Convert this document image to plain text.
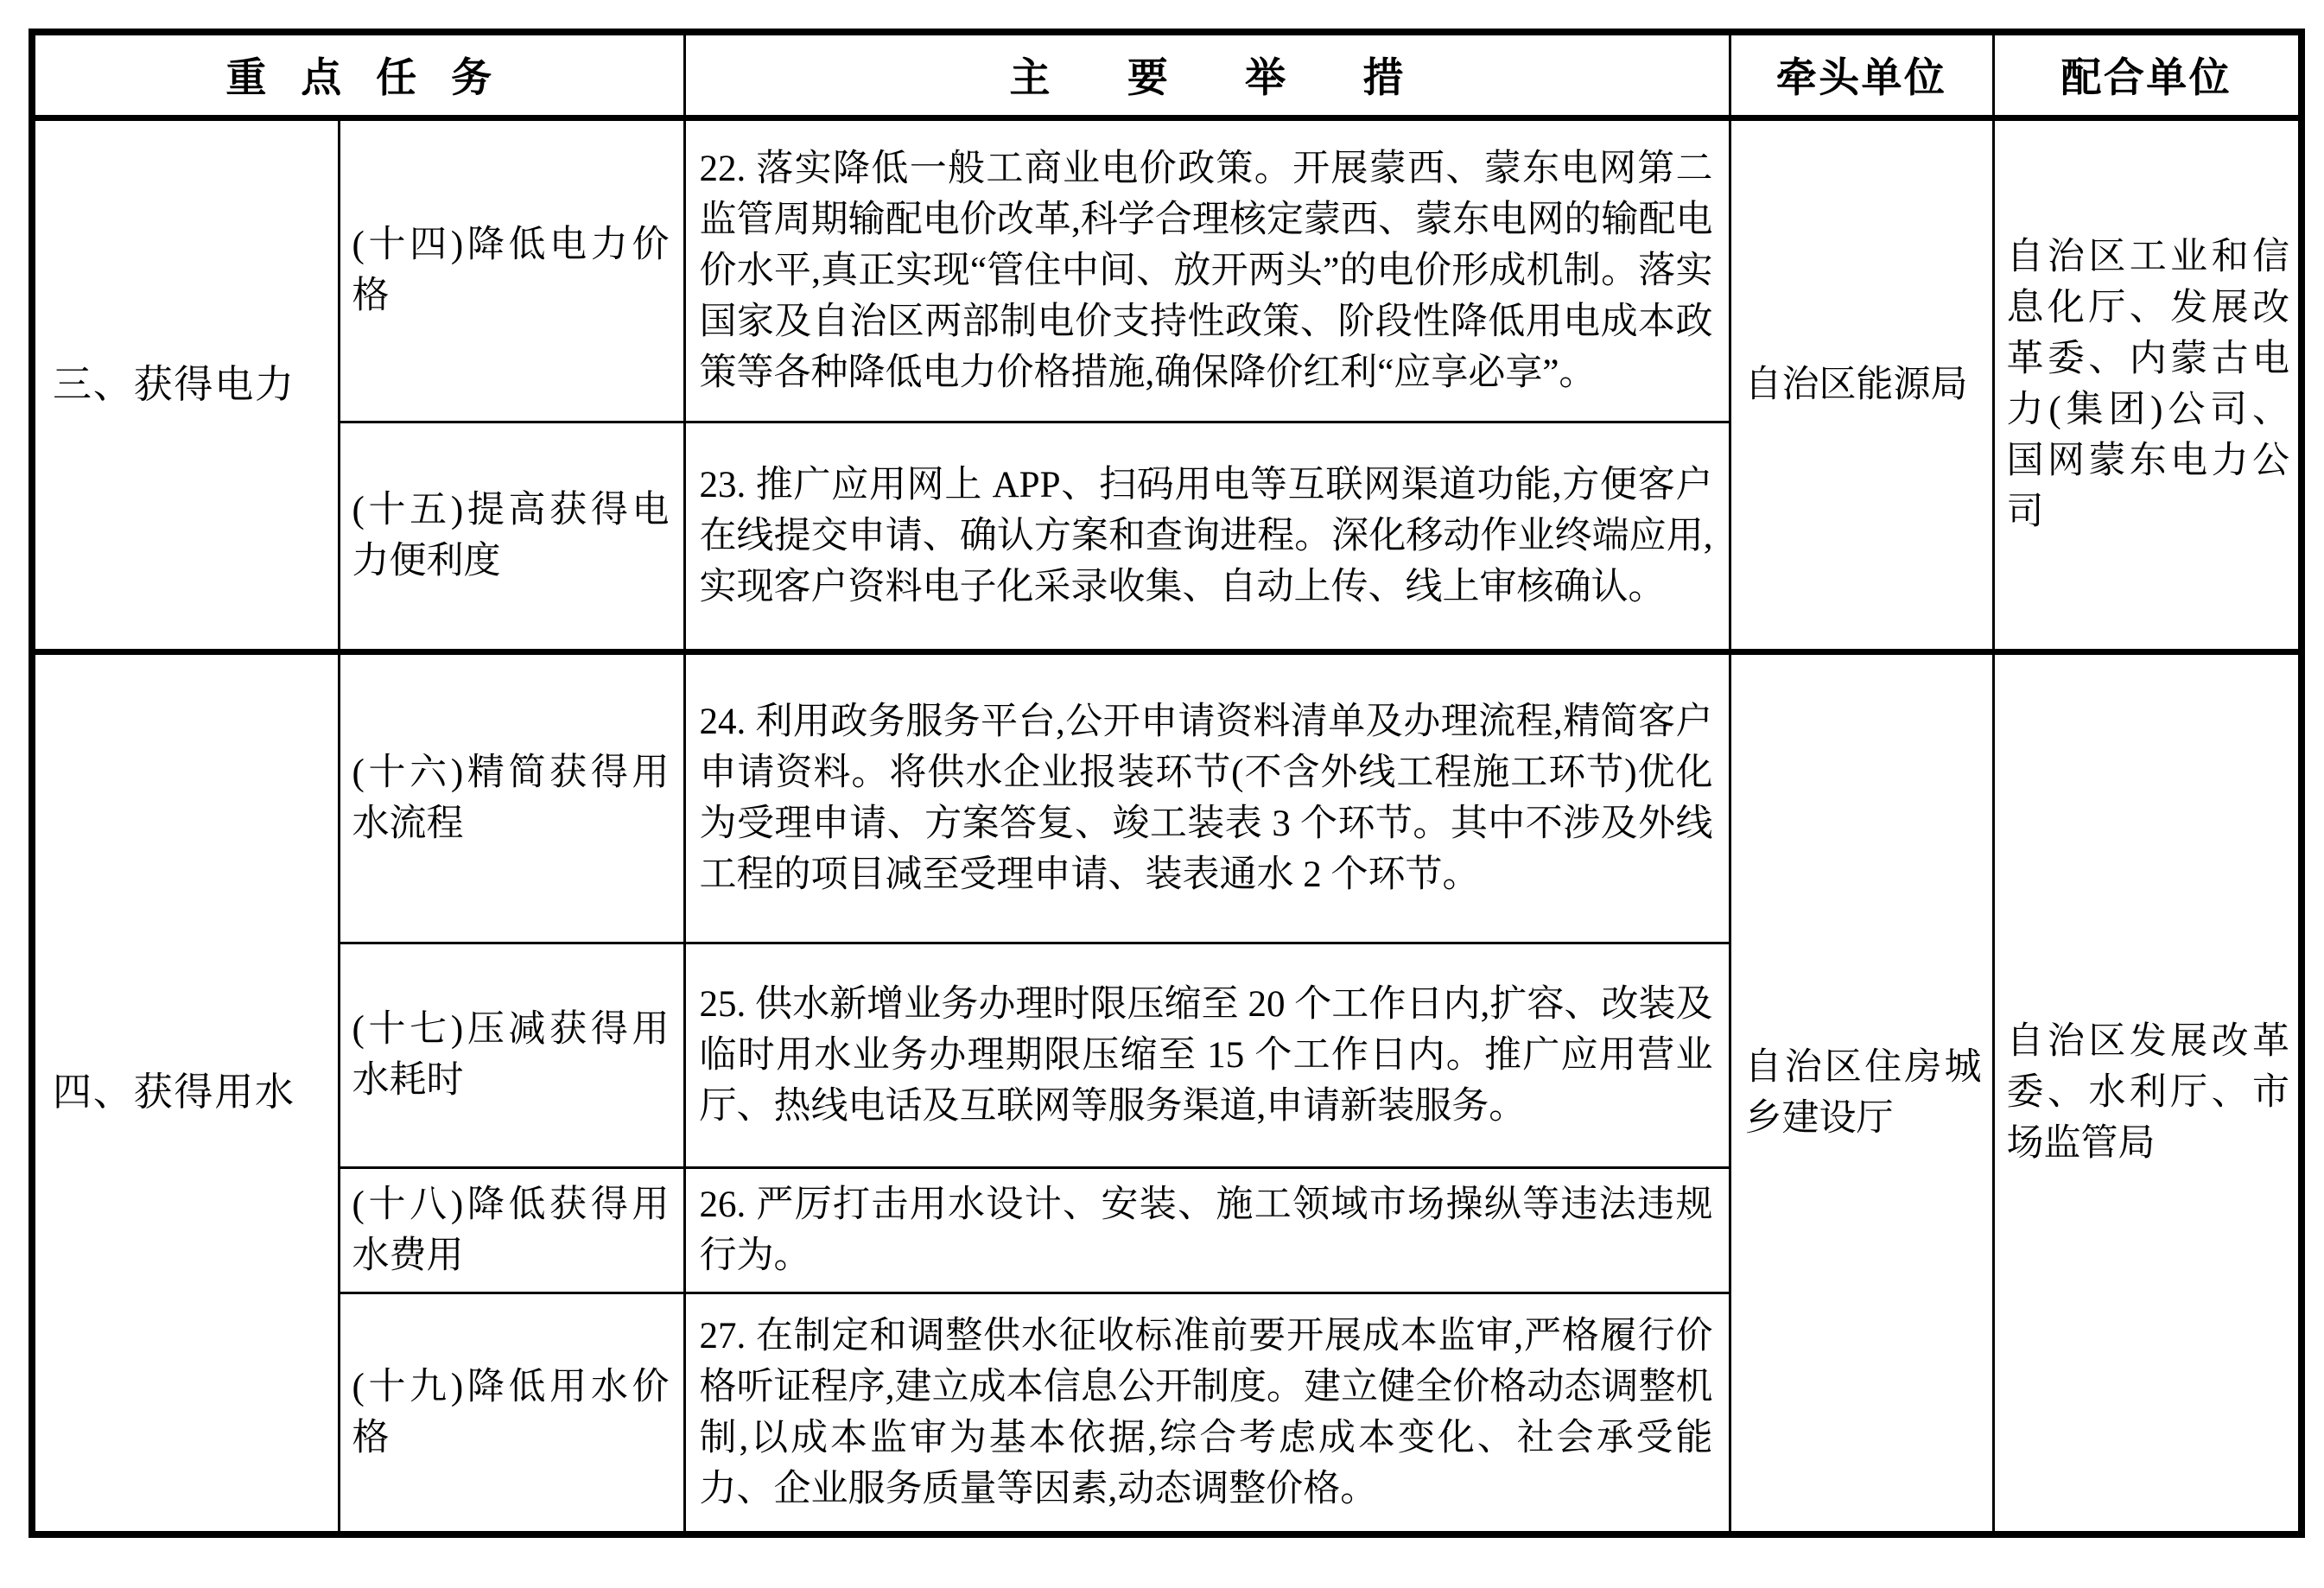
重点任务		主要举措	牵头单位	配合单位
三、获得电力	(十四)降低电力价格	22. 落实降低一般工商业电价政策。开展蒙西、蒙东电网第二监管周期输配电价改革,科学合理核定蒙西、蒙东电网的输配电价水平,真正实现“管住中间、放开两头”的电价形成机制。落实国家及自治区两部制电价支持性政策、阶段性降低用电成本政策等各种降低电力价格措施,确保降价红利“应享必享”。	自治区能源局	自治区工业和信息化厅、发展改革委、内蒙古电力(集团)公司、国网蒙东电力公司
	(十五)提高获得电力便利度	23. 推广应用网上 APP、扫码用电等互联网渠道功能,方便客户在线提交申请、确认方案和查询进程。深化移动作业终端应用,实现客户资料电子化采录收集、自动上传、线上审核确认。		
四、获得用水	(十六)精简获得用水流程	24. 利用政务服务平台,公开申请资料清单及办理流程,精简客户申请资料。将供水企业报装环节(不含外线工程施工环节)优化为受理申请、方案答复、竣工装表 3 个环节。其中不涉及外线工程的项目减至受理申请、装表通水 2 个环节。	自治区住房城乡建设厅	自治区发展改革委、水利厅、市场监管局
	(十七)压减获得用水耗时	25. 供水新增业务办理时限压缩至 20 个工作日内,扩容、改装及临时用水业务办理期限压缩至 15 个工作日内。推广应用营业厅、热线电话及互联网等服务渠道,申请新装服务。		
	(十八)降低获得用水费用	26. 严厉打击用水设计、安装、施工领域市场操纵等违法违规行为。		
	(十九)降低用水价格	27. 在制定和调整供水征收标准前要开展成本监审,严格履行价格听证程序,建立成本信息公开制度。建立健全价格动态调整机制,以成本监审为基本依据,综合考虑成本变化、社会承受能力、企业服务质量等因素,动态调整价格。		
